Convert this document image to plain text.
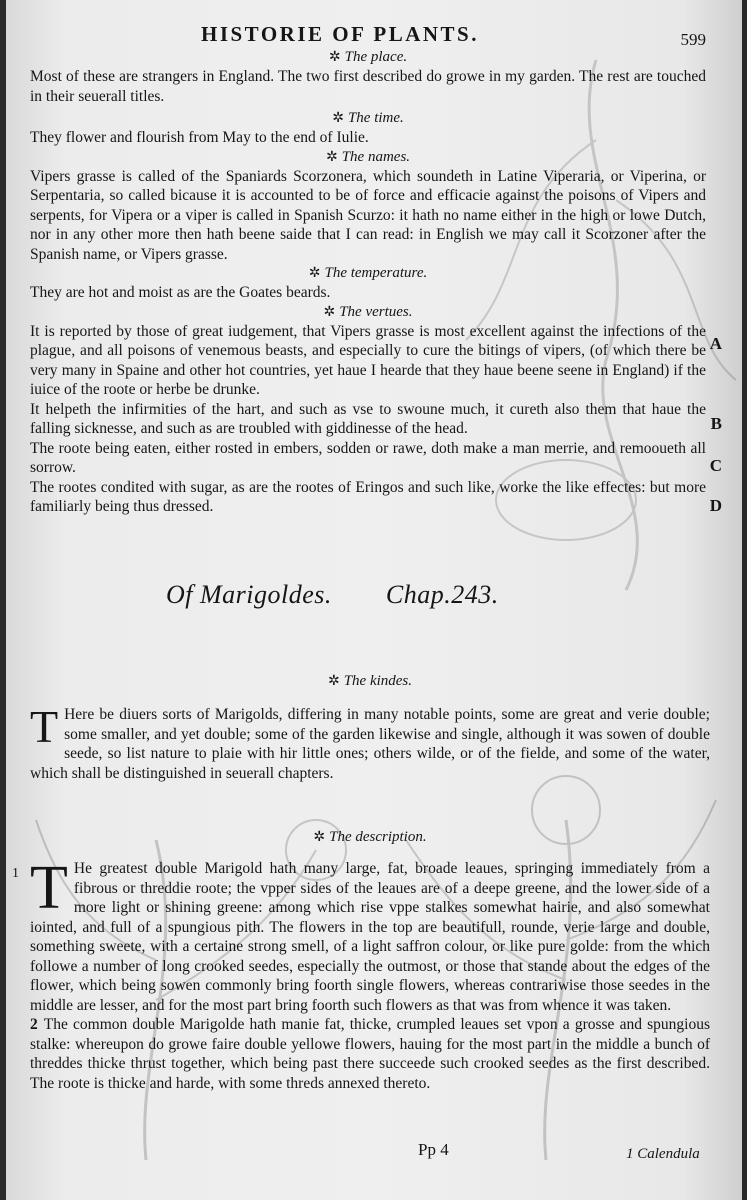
HISTORIE OF PLANTS.	599

✲ The place.

Most of these are strangers in England. The two first described do growe in my garden. The rest are touched in their seuerall titles.

✲ The time.

They flower and flourish from May to the end of Iulie.

✲ The names.

Vipers grasse is called of the Spaniards Scorzonera, which soundeth in Latine Viperaria, or Viperina, or Serpentaria, so called bicause it is accounted to be of force and efficacie against the poisons of Vipers and serpents, for Vipera or a viper is called in Spanish Scurzo: it hath no name either in the high or lowe Dutch, nor in any other more then hath beene saide that I can read: in English we may call it Scorzoner after the Spanish name, or Vipers grasse.

✲ The temperature.

They are hot and moist as are the Goates beards.

✲ The vertues.

It is reported by those of great iudgement, that Vipers grasse is most excellent against the infections of the plague, and all poisons of venemous beasts, and especially to cure the bitings of vipers, (of which there be very many in Spaine and other hot countries, yet haue I hearde that they haue beene seene in England) if the iuice of the roote or herbe be drunke.

It helpeth the infirmities of the hart, and such as vse to swoune much, it cureth also them that haue the falling sicknesse, and such as are troubled with giddinesse of the head.

The roote being eaten, either rosted in embers, sodden or rawe, doth make a man merrie, and remooueth all sorrow.

The rootes condited with sugar, as are the rootes of Eringos and such like, worke the like effectes: but more familiarly being thus dressed.

A
B
C
D
Of Marigoldes. Chap.243.

✲ The kindes.

T Here be diuers sorts of Marigolds, differing in many notable points, some are great and verie double; some smaller, and yet double; some of the garden likewise and single, although it was sowen of double seede, so list nature to plaie with hir little ones; others wilde, or of the fielde, and some of the water, which shall be distinguished in seuerall chapters.

✲ The description.

T He greatest double Marigold hath many large, fat, broade leaues, springing immediately from a fibrous or threddie roote; the vpper sides of the leaues are of a deepe greene, and the lower side of a more light or shining greene: among which rise vppe stalkes somewhat hairie, and also somewhat iointed, and full of a spungious pith. The flowers in the top are beautifull, rounde, verie large and double, something sweete, with a certaine strong smell, of a light saffron colour, or like pure golde: from the which followe a number of long crooked seedes, especially the outmost, or those that stande about the edges of the flower, which being sowen commonly bring foorth single flowers, whereas contrariwise those seedes in the middle are lesser, and for the most part bring foorth such flowers as that was from whence it was taken.

2 The common double Marigolde hath manie fat, thicke, crumpled leaues set vpon a grosse and spungious stalke: whereupon do growe faire double yellowe flowers, hauing for the most part in the middle a bunch of threddes thicke thrust together, which being past there succeede such crooked seedes as the first described. The roote is thicke and harde, with some threds annexed thereto.

1
Pp 4	1 Calendula
